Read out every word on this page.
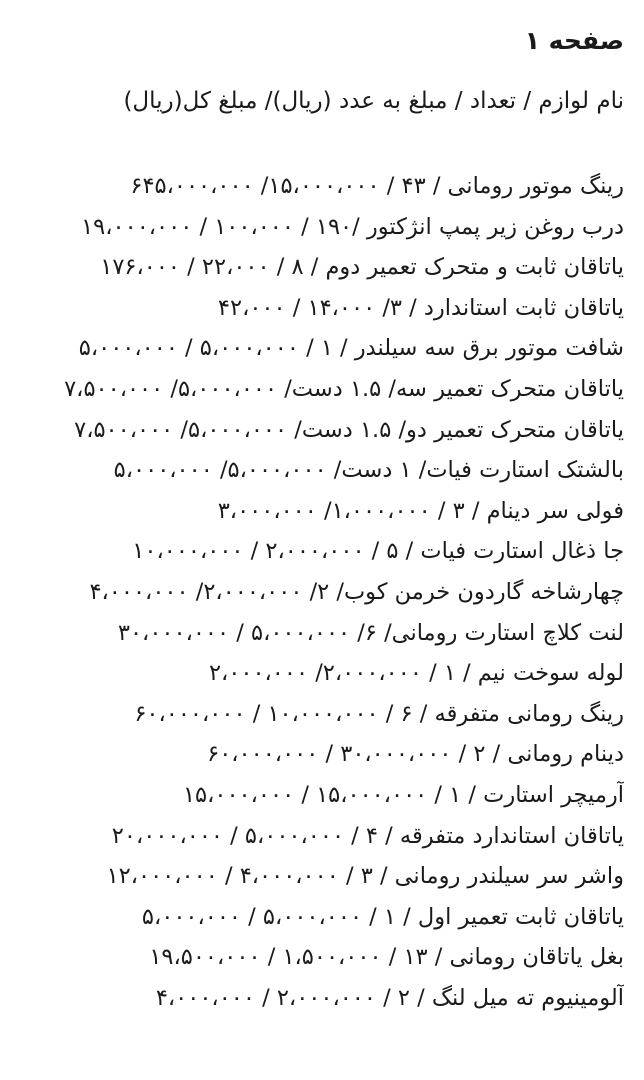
صفحه ۱
نام لوازم / تعداد / مبلغ به عدد (ریال)/ مبلغ کل(ریال)
رینگ موتور رومانی / ۴۳ / ۱۵،۰۰۰،۰۰۰/ ۶۴۵،۰۰۰،۰۰۰
درب روغن زیر پمپ انژکتور /۱۹۰ / ۱۰۰،۰۰۰ / ۱۹،۰۰۰،۰۰۰
یاتاقان ثابت و متحرک تعمیر دوم / ۸ / ۲۲،۰۰۰ / ۱۷۶،۰۰۰
یاتاقان ثابت استاندارد / ۳/ ۱۴،۰۰۰ / ۴۲،۰۰۰
شافت موتور برق سه سیلندر / ۱ / ۵،۰۰۰،۰۰۰ / ۵،۰۰۰،۰۰۰
یاتاقان متحرک تعمیر سه/ ۱.۵ دست/ ۵،۰۰۰،۰۰۰/ ۷،۵۰۰،۰۰۰
یاتاقان متحرک تعمیر دو/ ۱.۵ دست/ ۵،۰۰۰،۰۰۰/ ۷،۵۰۰،۰۰۰
بالشتک استارت فیات/ ۱ دست/ ۵،۰۰۰،۰۰۰/ ۵،۰۰۰،۰۰۰
فولی سر دینام / ۳ / ۱،۰۰۰،۰۰۰/ ۳،۰۰۰،۰۰۰
جا ذغال استارت فیات / ۵ / ۲،۰۰۰،۰۰۰ / ۱۰،۰۰۰،۰۰۰
چهارشاخه گاردون خرمن کوب/ ۲/ ۲،۰۰۰،۰۰۰/ ۴،۰۰۰،۰۰۰
لنت کلاچ استارت رومانی/ ۶/ ۵،۰۰۰،۰۰۰ / ۳۰،۰۰۰،۰۰۰
لوله سوخت نیم / ۱ / ۲،۰۰۰،۰۰۰/ ۲،۰۰۰،۰۰۰
رینگ رومانی متفرقه / ۶ / ۱۰،۰۰۰،۰۰۰ / ۶۰،۰۰۰،۰۰۰
دینام رومانی / ۲ / ۳۰،۰۰۰،۰۰۰ / ۶۰،۰۰۰،۰۰۰
آرمیچر استارت / ۱ / ۱۵،۰۰۰،۰۰۰ / ۱۵،۰۰۰،۰۰۰
یاتاقان استاندارد متفرقه / ۴ / ۵،۰۰۰،۰۰۰ / ۲۰،۰۰۰،۰۰۰
واشر سر سیلندر رومانی / ۳ / ۴،۰۰۰،۰۰۰ / ۱۲،۰۰۰،۰۰۰
یاتاقان ثابت تعمیر اول / ۱ / ۵،۰۰۰،۰۰۰ / ۵،۰۰۰،۰۰۰
بغل یاتاقان رومانی / ۱۳ / ۱،۵۰۰،۰۰۰ / ۱۹،۵۰۰،۰۰۰
آلومینیوم ته میل لنگ / ۲ / ۲،۰۰۰،۰۰۰ / ۴،۰۰۰،۰۰۰
